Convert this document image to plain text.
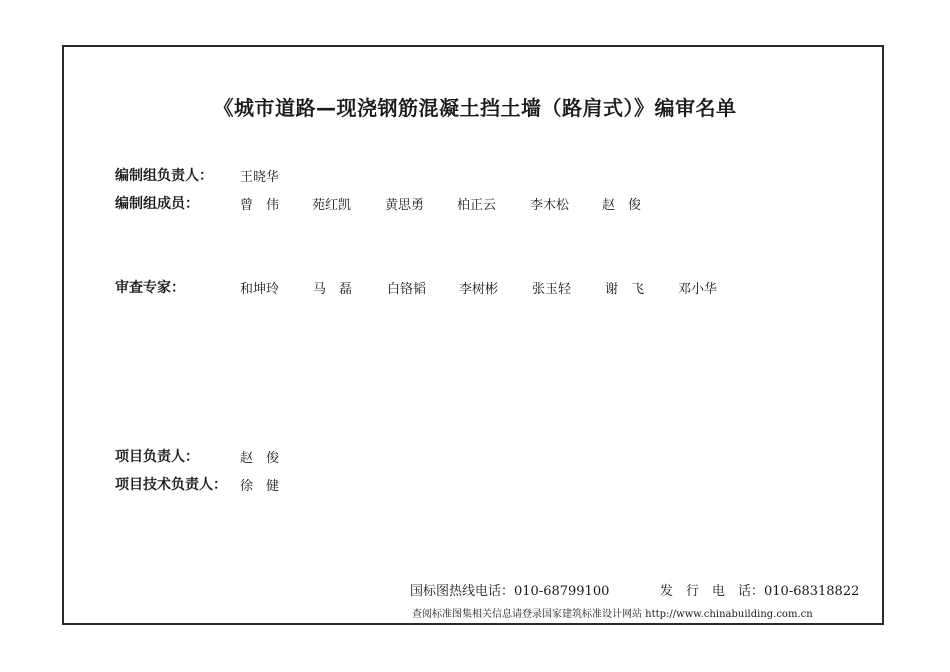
《城市道路—现浇钢筋混凝土挡土墙（路肩式）》编审名单
编制组负责人： 王晓华
编制组成员：	曾　伟	苑红凯	黄思勇	柏正云	李木松	赵　俊
审查专家：	和坤玲	马　磊	白铬韬	李树彬	张玉轻	谢　飞	邓小华
项目负责人：	赵　俊
项目技术负责人： 徐　健
国标图热线电话：010-68799100	发　行　电　话：010-68318822
查阅标准图集相关信息请登录国家建筑标准设计网站 http://www.chinabuilding.com.cn
